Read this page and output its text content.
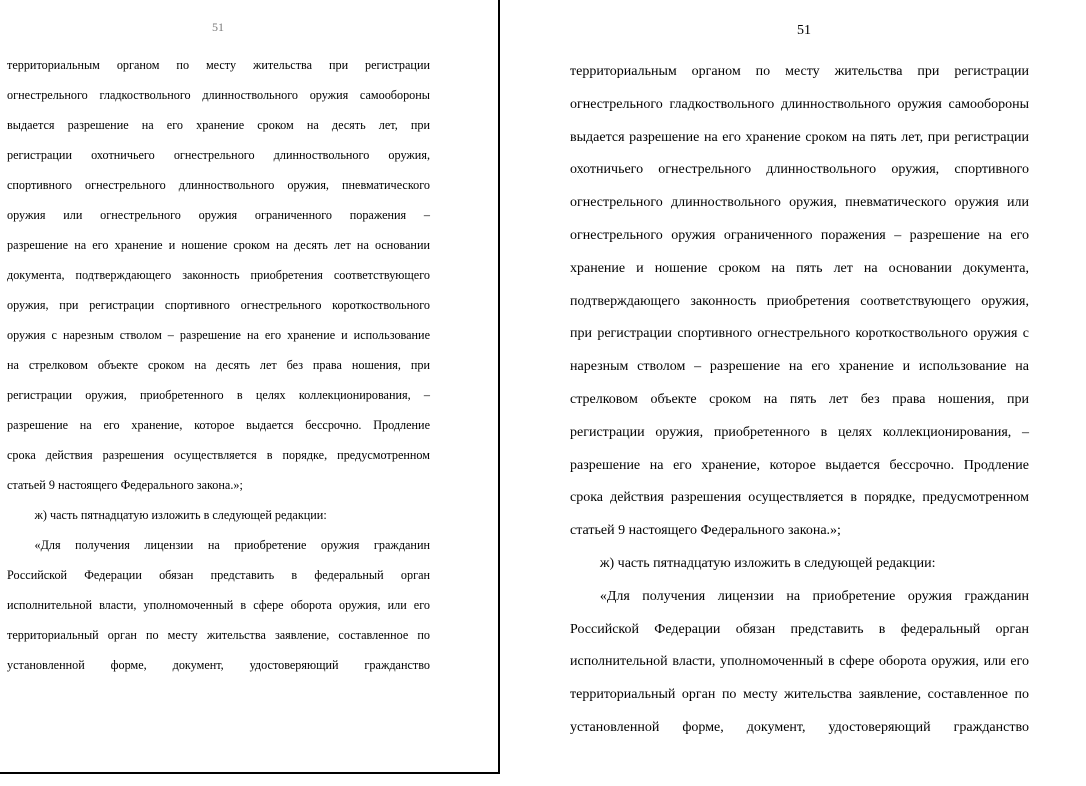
51
территориальным органом по месту жительства при регистрации
огнестрельного гладкоствольного длинноствольного оружия самообороны
выдается разрешение на его хранение сроком на десять лет, при
регистрации охотничьего огнестрельного длинноствольного оружия,
спортивного огнестрельного длинноствольного оружия, пневматического
оружия или огнестрельного оружия ограниченного поражения –
разрешение на его хранение и ношение сроком на десять лет на основании
документа, подтверждающего законность приобретения соответствующего
оружия, при регистрации спортивного огнестрельного короткоствольного
оружия с нарезным стволом – разрешение на его хранение и использование
на стрелковом объекте сроком на десять лет без права ношения, при
регистрации оружия, приобретенного в целях коллекционирования, –
разрешение на его хранение, которое выдается бессрочно. Продление
срока действия разрешения осуществляется в порядке, предусмотренном
статьей 9 настоящего Федерального закона.»;
ж) часть пятнадцатую изложить в следующей редакции:
«Для получения лицензии на приобретение оружия гражданин
Российской Федерации обязан представить в федеральный орган
исполнительной власти, уполномоченный в сфере оборота оружия, или его
территориальный орган по месту жительства заявление, составленное по
установленной форме, документ, удостоверяющий гражданство
51
территориальным органом по месту жительства при регистрации
огнестрельного гладкоствольного длинноствольного оружия самообороны
выдается разрешение на его хранение сроком на пять лет, при регистрации
охотничьего огнестрельного длинноствольного оружия, спортивного
огнестрельного длинноствольного оружия, пневматического оружия или
огнестрельного оружия ограниченного поражения – разрешение на его
хранение и ношение сроком на пять лет на основании документа,
подтверждающего законность приобретения соответствующего оружия,
при регистрации спортивного огнестрельного короткоствольного оружия с
нарезным стволом – разрешение на его хранение и использование на
стрелковом объекте сроком на пять лет без права ношения, при
регистрации оружия, приобретенного в целях коллекционирования, –
разрешение на его хранение, которое выдается бессрочно. Продление
срока действия разрешения осуществляется в порядке, предусмотренном
статьей 9 настоящего Федерального закона.»;
ж) часть пятнадцатую изложить в следующей редакции:
«Для получения лицензии на приобретение оружия гражданин
Российской Федерации обязан представить в федеральный орган
исполнительной власти, уполномоченный в сфере оборота оружия, или его
территориальный орган по месту жительства заявление, составленное по
установленной форме, документ, удостоверяющий гражданство
